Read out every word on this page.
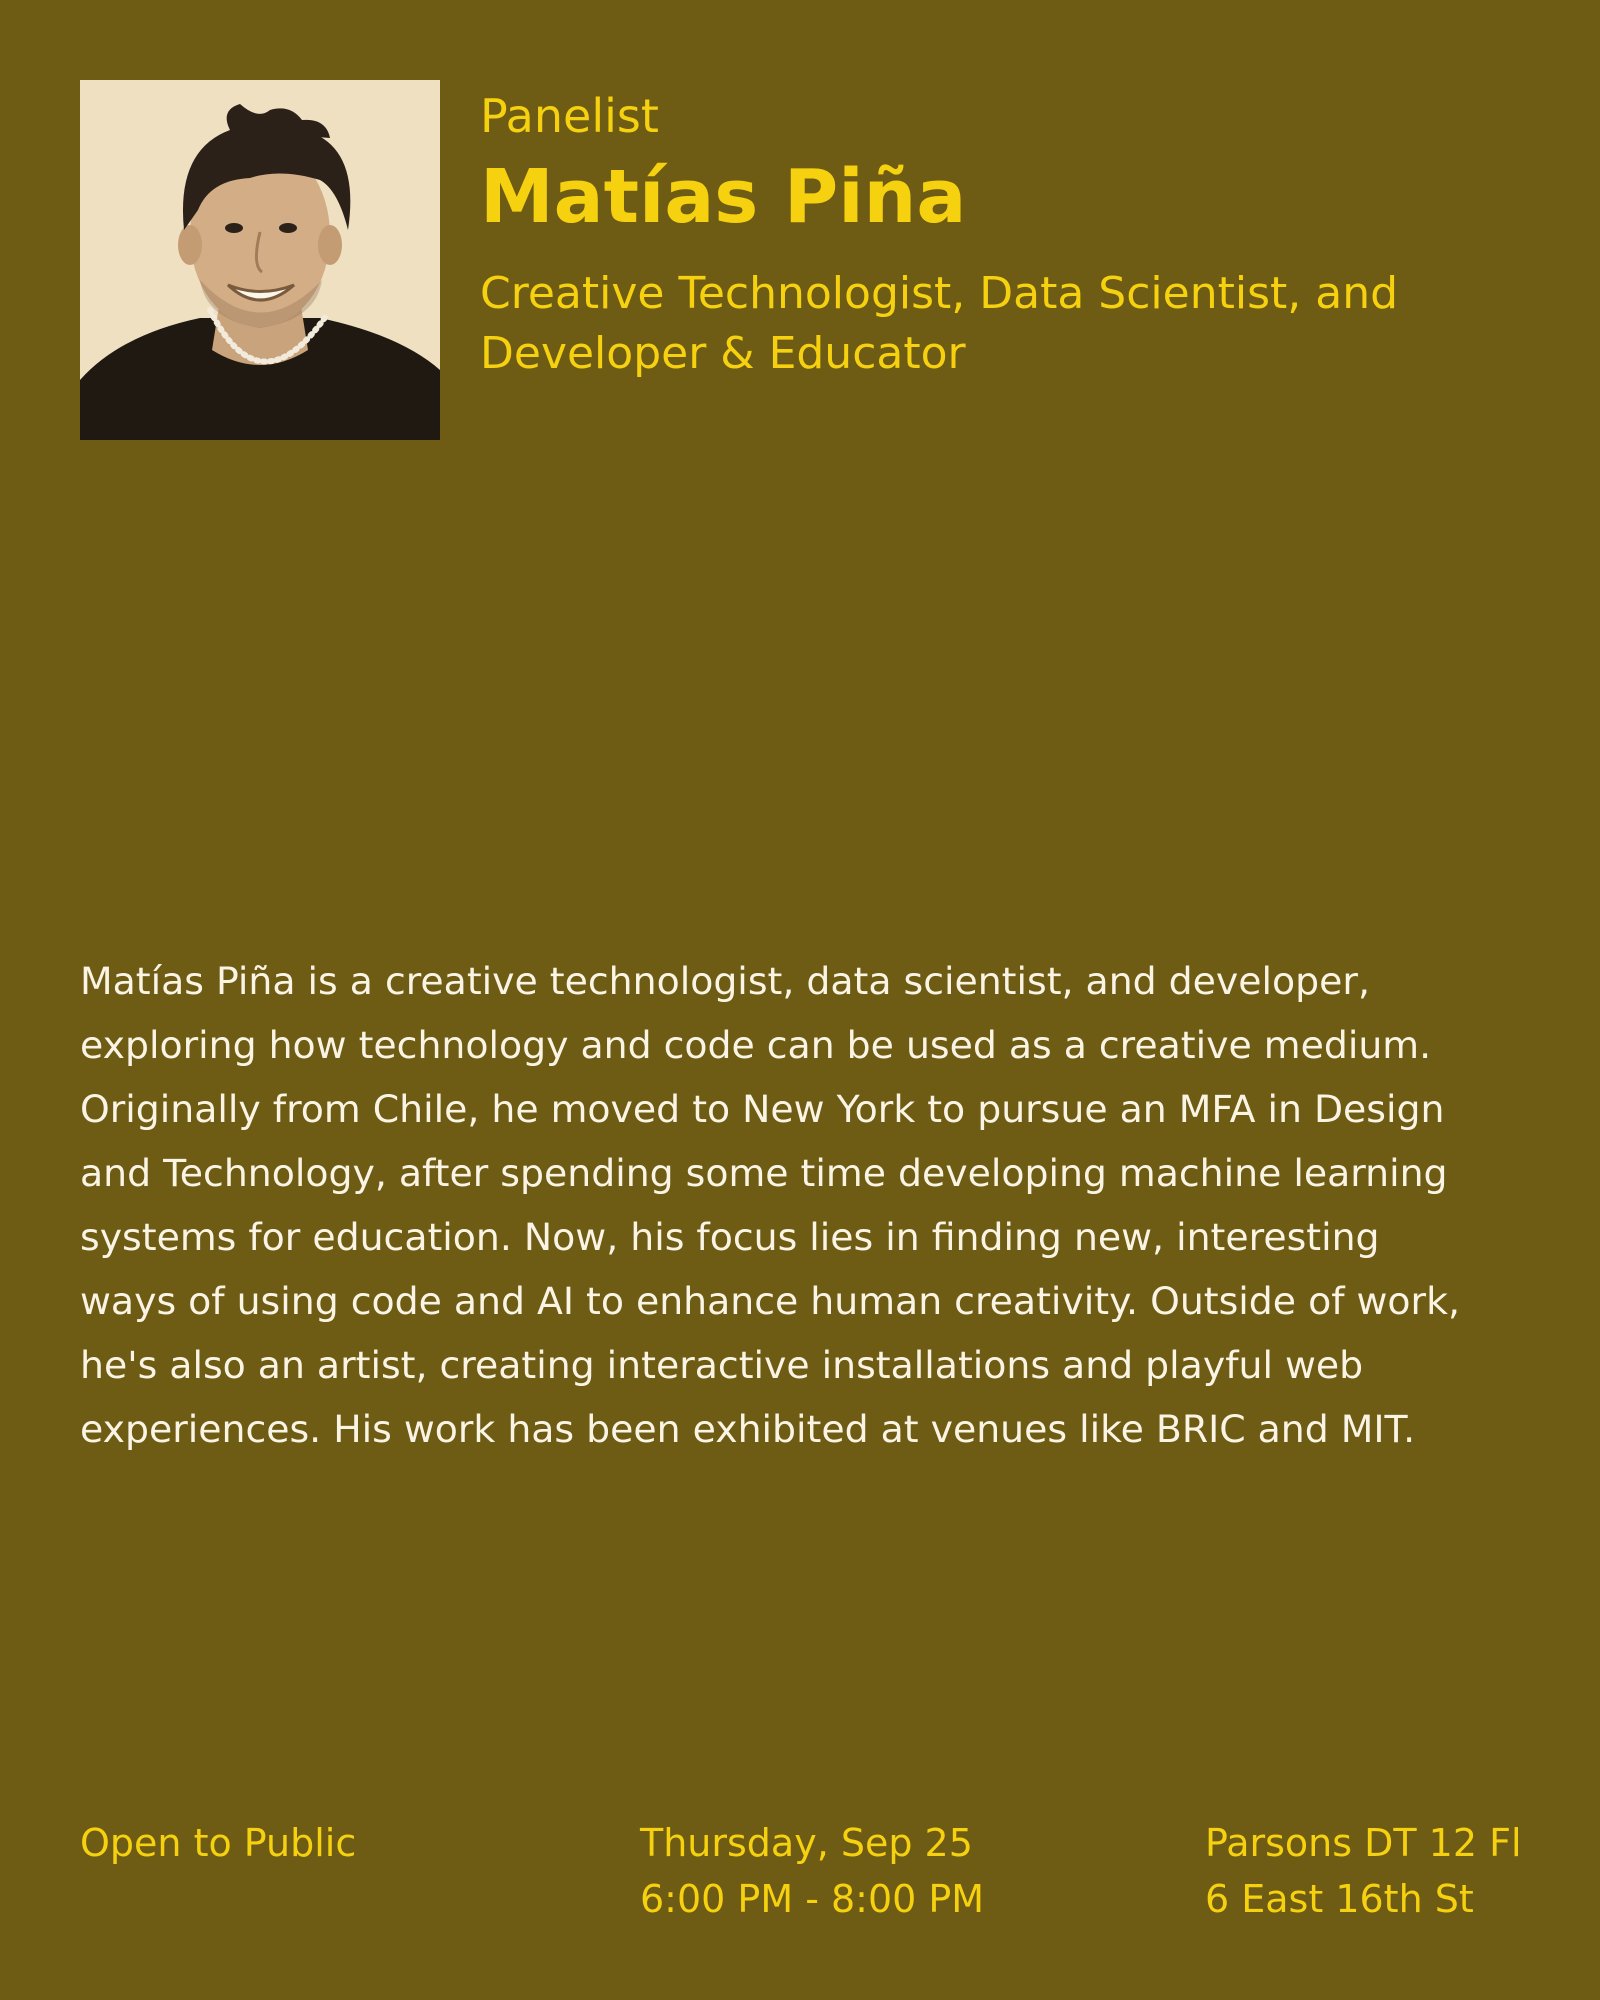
Panelist

Matías Piña

Creative Technologist, Data Scientist, and Developer & Educator

Matías Piña is a creative technologist, data scientist, and developer, exploring how technology and code can be used as a creative medium. Originally from Chile, he moved to New York to pursue an MFA in Design and Technology, after spending some time developing machine learning systems for education. Now, his focus lies in finding new, interesting ways of using code and AI to enhance human creativity. Outside of work, he's also an artist, creating interactive installations and playful web experiences. His work has been exhibited at venues like BRIC and MIT.

Open to Public	Thursday, Sep 25

6:00 PM - 8:00 PM

Parsons DT 12 Fl

6 East 16th St
